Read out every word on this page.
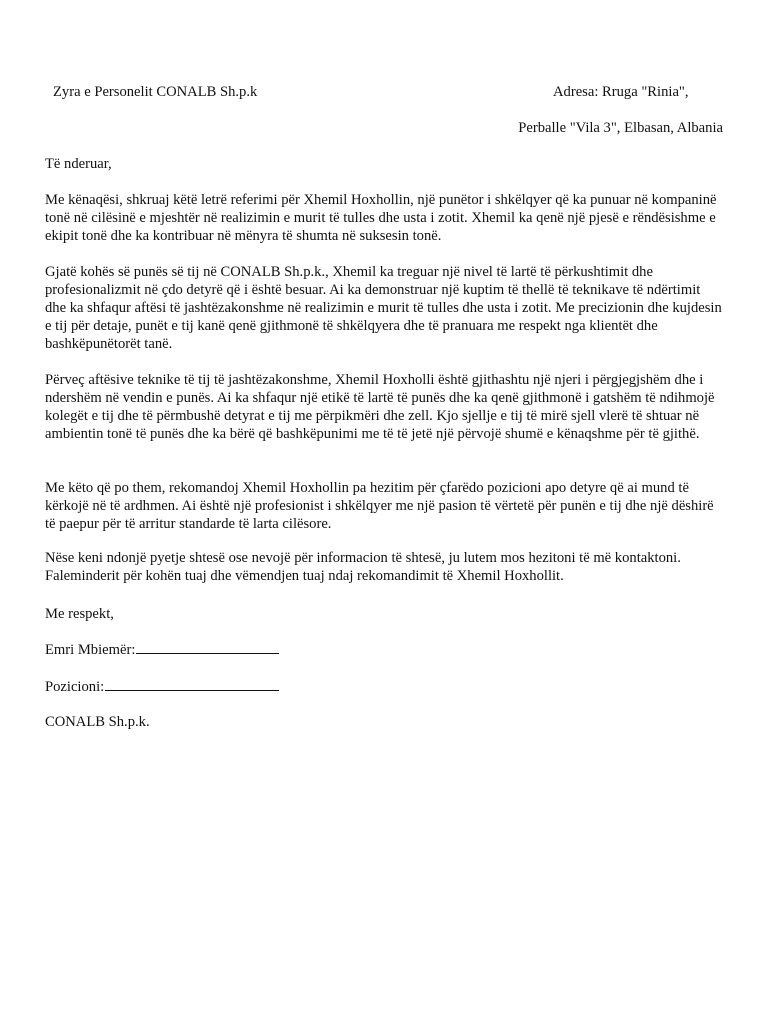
Zyra e Personelit CONALB Sh.p.k	Adresa: Rruga "Rinia",
Perballe "Vila 3", Elbasan, Albania
Të nderuar,

Me kënaqësi, shkruaj këtë letrë referimi për Xhemil Hoxhollin, një punëtor i shkëlqyer që ka punuar në kompaninë tonë në cilësinë e mjeshtër në realizimin e murit të tulles dhe usta i zotit. Xhemil ka qenë një pjesë e rëndësishme e ekipit tonë dhe ka kontribuar në mënyra të shumta në suksesin tonë.

Gjatë kohës së punës së tij në CONALB Sh.p.k., Xhemil ka treguar një nivel të lartë të përkushtimit dhe profesionalizmit në çdo detyrë që i është besuar. Ai ka demonstruar një kuptim të thellë të teknikave të ndërtimit dhe ka shfaqur aftësi të jashtëzakonshme në realizimin e murit të tulles dhe usta i zotit. Me precizionin dhe kujdesin e tij për detaje, punët e tij kanë qenë gjithmonë të shkëlqyera dhe të pranuara me respekt nga klientët dhe bashkëpunëtorët tanë.

Përveç aftësive teknike të tij të jashtëzakonshme, Xhemil Hoxholli është gjithashtu një njeri i përgjegjshëm dhe i ndershëm në vendin e punës. Ai ka shfaqur një etikë të lartë të punës dhe ka qenë gjithmonë i gatshëm të ndihmojë kolegët e tij dhe të përmbushë detyrat e tij me përpikmëri dhe zell. Kjo sjellje e tij të mirë sjell vlerë të shtuar në ambientin tonë të punës dhe ka bërë që bashkëpunimi me të të jetë një përvojë shumë e kënaqshme për të gjithë.

Me këto që po them, rekomandoj Xhemil Hoxhollin pa hezitim për çfarëdo pozicioni apo detyre që ai mund të kërkojë në të ardhmen. Ai është një profesionist i shkëlqyer me një pasion të vërtetë për punën e tij dhe një dëshirë të paepur për të arritur standarde të larta cilësore.

Nëse keni ndonjë pyetje shtesë ose nevojë për informacion të shtesë, ju lutem mos hezitoni të më kontaktoni. Faleminderit për kohën tuaj dhe vëmendjen tuaj ndaj rekomandimit të Xhemil Hoxhollit.

Me respekt,
Emri Mbiemër:
Pozicioni:
CONALB Sh.p.k.
